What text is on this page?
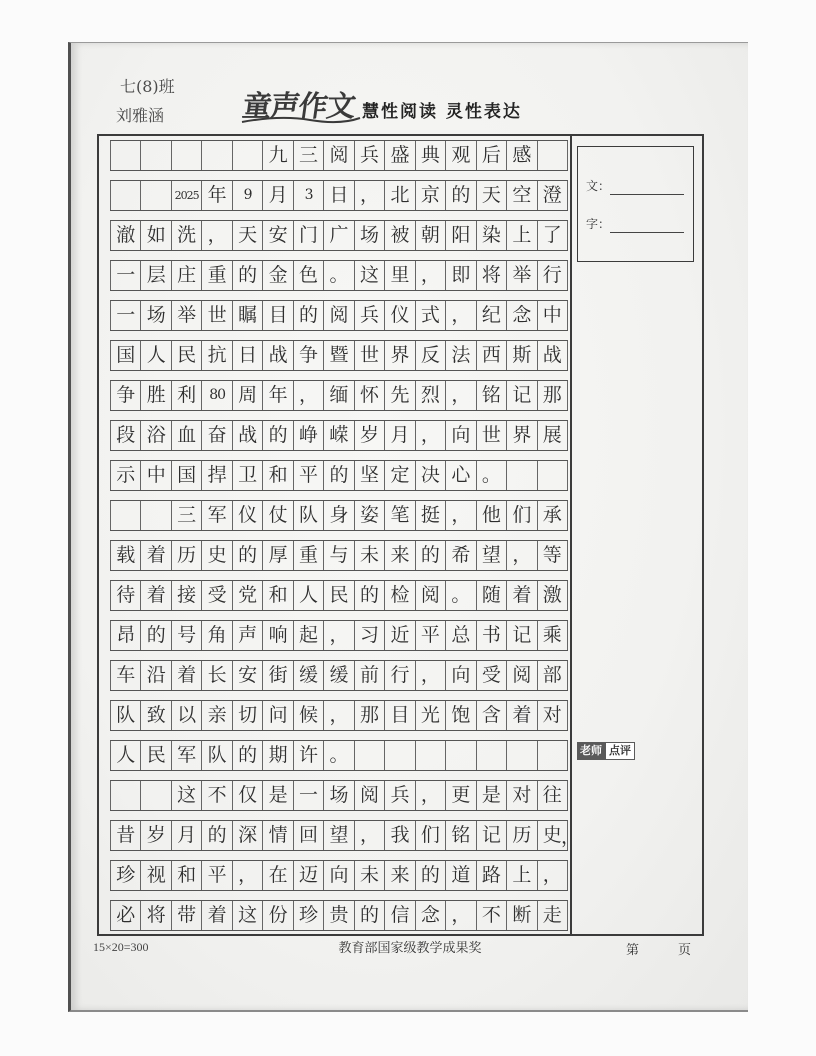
七(8)班
刘雅涵	童声作文 慧性阅读 灵性表达
九 三 阅 兵 盛 典 观 后 感
2025 年	9 月	3 日 ， 北 京 的 天 空 澄
澈 如 洗 ， 天 安 门 广 场 被 朝 阳 染 上 了
一 层 庄 重 的 金 色 。 这 里 ， 即 将 举 行
一 场 举 世 瞩 目 的 阅 兵 仪 式 ， 纪 念 中
国 人 民 抗 日 战 争 暨 世 界 反 法 西 斯 战
争 胜 利 80 周 年 ， 缅 怀 先 烈 ， 铭 记 那
段 浴 血 奋 战 的 峥 嵘 岁 月 ， 向 世 界 展
示 中 国 捍 卫 和 平 的 坚 定 决 心 。
三 军 仪 仗 队 身 姿 笔 挺 ， 他 们 承
载 着 历 史 的 厚 重 与 未 来 的 希 望 ， 等
待 着 接 受 党 和 人 民 的 检 阅 。 随 着 激
昂 的 号 角 声 响 起 ， 习 近 平 总 书 记 乘
车 沿 着 长 安 街 缓 缓 前 行 ， 向 受 阅 部
队 致 以 亲 切 问 候 ， 那 目 光 饱 含 着 对
人 民 军 队 的 期 许 。
这 不 仅 是 一 场 阅 兵 ， 更 是 对 往
昔 岁 月 的 深 情 回 望 ， 我 们 铭 记 历 史
珍 视 和 平 ， 在 迈 向 未 来 的 道 路 上 ，
必 将 带 着 这 份 珍 贵 的 信 念 ， 不 断 走
，
文：
字：
老师 点评
15×20=300	教育部国家级教学成果奖	第	页
